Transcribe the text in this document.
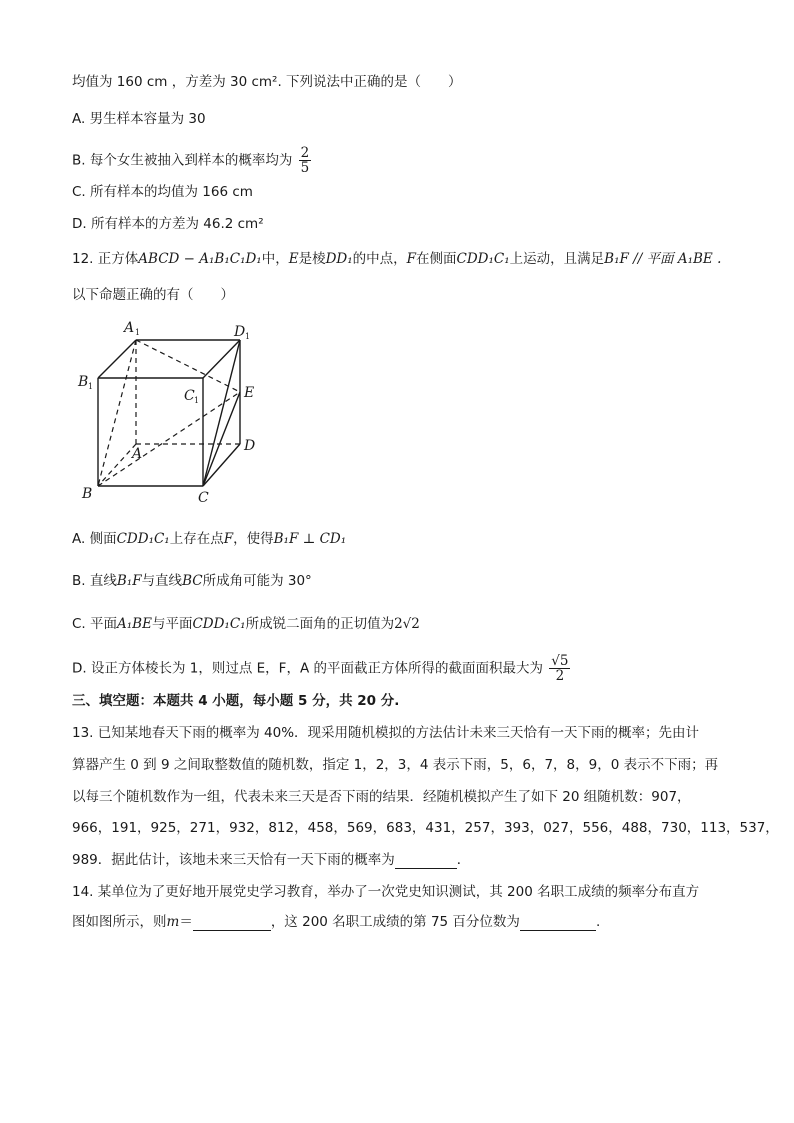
均值为 160 cm ，方差为 30 cm². 下列说法中正确的是（　　）
A. 男生样本容量为 30
B. 每个女生被抽入到样本的概率均为 $\frac{2}{5}$
C. 所有样本的均值为 166 cm
D. 所有样本的方差为 46.2 cm²
12. 正方体ABCD − A₁B₁C₁D₁中，E是棱DD₁的中点，F在侧面CDD₁C₁上运动，且满足B₁F // 平面 A₁BE .
以下命题正确的有（　　）
A 1	D 1
B 1
C 1	E
A	D
B	C
A. 侧面CDD₁C₁上存在点F，使得B₁F ⊥ CD₁
B. 直线B₁F与直线BC所成角可能为 30°
C. 平面A₁BE与平面CDD₁C₁所成锐二面角的正切值为2√2
D. 设正方体棱长为 1，则过点 E，F，A 的平面截正方体所得的截面面积最大为 $\frac{√5}{2}$
三、填空题：本题共 4 小题，每小题 5 分，共 20 分.
13. 已知某地春天下雨的概率为 40%．现采用随机模拟的方法估计未来三天恰有一天下雨的概率；先由计
算器产生 0 到 9 之间取整数值的随机数，指定 1，2，3，4 表示下雨，5，6，7，8，9，0 表示不下雨；再
以每三个随机数作为一组，代表未来三天是否下雨的结果．经随机模拟产生了如下 20 组随机数：907，
966，191，925，271，932，812，458，569，683，431，257，393，027，556，488，730，113，537，
989．据此估计，该地未来三天恰有一天下雨的概率为	．
14. 某单位为了更好地开展党史学习教育，举办了一次党史知识测试，其 200 名职工成绩的频率分布直方
图如图所示，则m＝	，这 200 名职工成绩的第 75 百分位数为	.
